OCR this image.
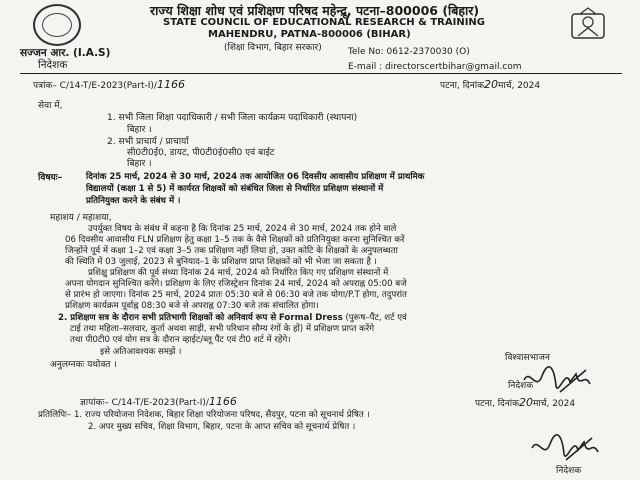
राज्य शिक्षा शोध एवं प्रशिक्षण परिषद महेन्द्रू, पटना–800006 (बिहार)
STATE COUNCIL OF EDUCATIONAL RESEARCH & TRAINING
MAHENDRU, PATNA-800006 (BIHAR)
(शिक्षा विभाग, बिहार सरकार)
सज्जन आर. (I.A.S)
निदेशक
Tele No: 0612-2370030 (O)
E-mail : directorscertbihar@gmail.com
पत्रांक– C/14-T/E-2023(Part-I)/1166	पटना, दिनांक20मार्च, 2024
सेवा में,
1. सभी जिला शिक्षा पदाधिकारी / सभी जिला कार्यक्रम पदाधिकारी (स्थापना)
बिहार ।
2. सभी प्राचार्य / प्राचार्या
सी0टी0ई0, डायट, पी0टी0ई0सी0 एवं बाईट
बिहार ।
विषयः–	दिनांक 25 मार्च, 2024 से 30 मार्च, 2024 तक आयोजित 06 दिवसीय आवासीय प्रशिक्षण में प्राथमिक
विद्यालयों (कक्षा 1 से 5) में कार्यरत शिक्षकों को संबंधित जिला से निर्धारित प्रशिक्षण संस्थानों में
प्रतिनियुक्त करने के संबंध में ।
महाशय / महाशया,
उपर्युक्त विषय के संबंध में कहना है कि दिनांक 25 मार्च, 2024 से 30 मार्च, 2024 तक होने वाले
06 दिवसीय आवासीय FLN प्रशिक्षण हेतु कक्षा 1–5 तक के वैसे शिक्षकों को प्रतिनियुक्त करना सुनिश्चित करें
जिन्होंने पूर्व में कक्षा 1–2 एवं कक्षा 3–5 तक प्रशिक्षण नहीं लिया हो, उक्त कोटि के शिक्षकों के अनुपलब्धता
की स्थिति में 03 जुलाई, 2023 से बुनियाद–1 के प्रशिक्षण प्राप्त शिक्षकों को भी भेजा जा सकता है ।
प्रशिक्षु प्रशिक्षण की पूर्व संध्या दिनांक 24 मार्च, 2024 को निर्धारित किए गए प्रशिक्षण संस्थानों में
अपना योगदान सुनिश्चित करेंगे। प्रशिक्षण के लिए रजिस्ट्रेशन दिनांक 24 मार्च, 2024 को अपराह्न 05:00 बजे
से प्रारंभ हो जाएगा। दिनांक 25 मार्च, 2024 प्रातः 05:30 बजे से 06:30 बजे तक योगा/P.T होगा, तदुपरांत
प्रशिक्षण कार्यक्रम पूर्वाह्न 08:30 बजे से अपराह्न 07:30 बजे तक संचालित होगा।
2. प्रशिक्षण सत्र के दौरान सभी प्रतिभागी शिक्षकों को अनिवार्य रूप से Formal Dress (पुरूष–पैंट, शर्ट एवं
टाई तथा महिला–सलवार, कुर्ता अथवा साड़ी, सभी परिधान सौम्य रंगों के हों) में प्रशिक्षण प्राप्त करेंगे
तथा पी0टी0 एवं योग सत्र के दौरान व्हाईट/ब्लू पैंट एवं टी0 शर्ट में रहेंगे।
इसे अतिआवश्यक समझें ।
अनुलग्नकः यथोक्त ।
विश्वासभाजन
निदेशक
ज्ञापांकः– C/14-T/E-2023(Part-I)/1166	पटना, दिनांक20मार्च, 2024
प्रतिलिपिः– 1. राज्य परियोजना निदेशक, बिहार शिक्षा परियोजना परिषद, सैदपुर, पटना को सूचनार्थ प्रेषित ।
2. अपर मुख्य सचिव, शिक्षा विभाग, बिहार, पटना के आप्त सचिव को सूचनार्थ प्रेषित ।
निदेशक
